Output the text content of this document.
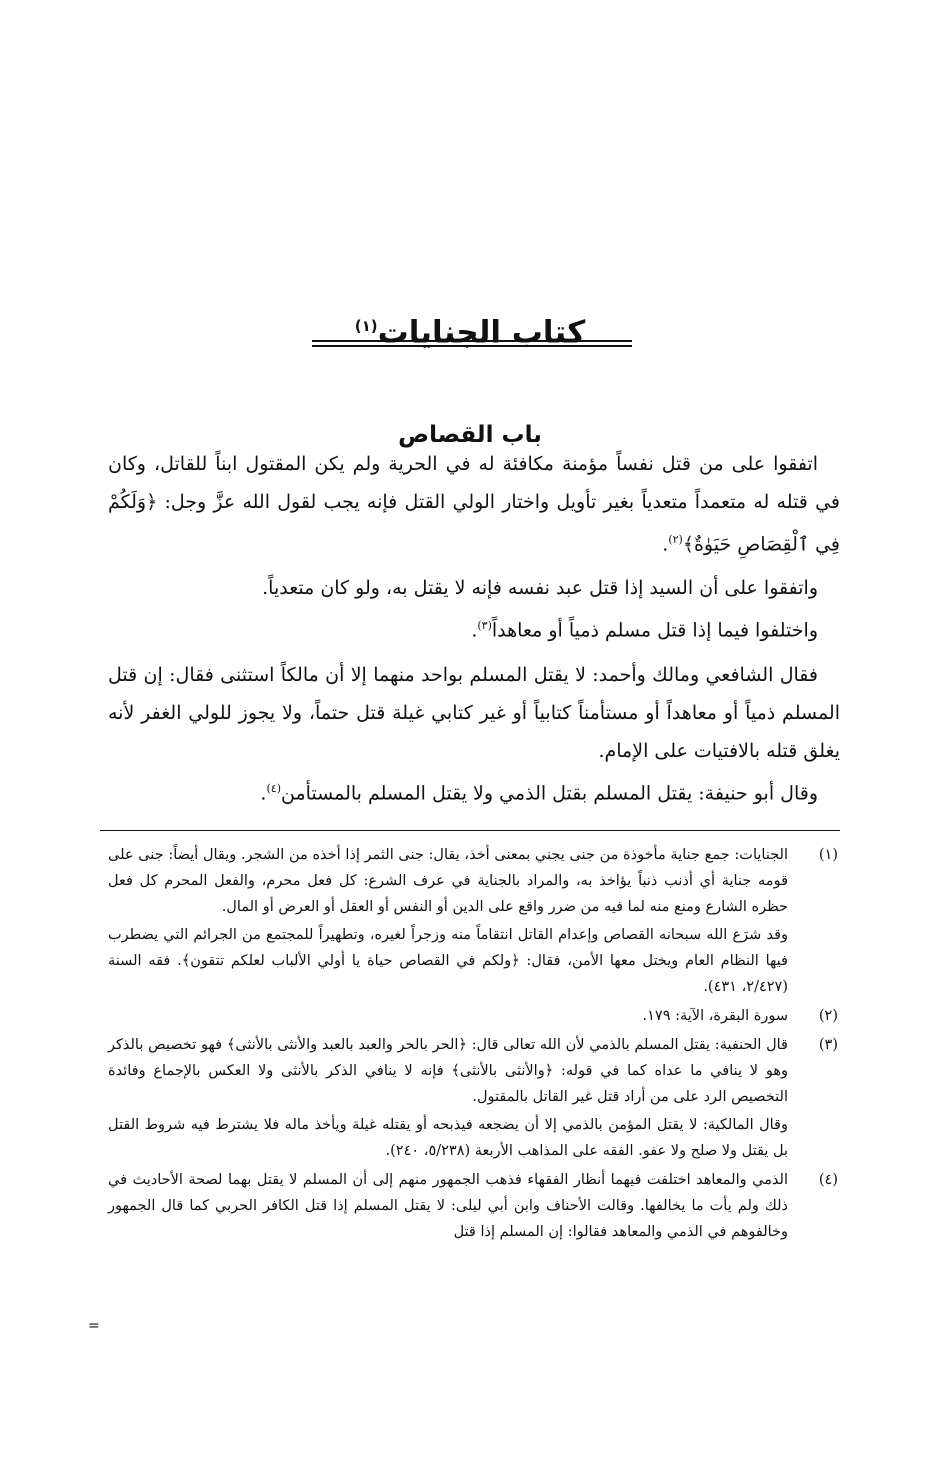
كتاب الجنايات$^{(١)}$
باب القصاص

اتفقوا على من قتل نفساً مؤمنة مكافئة له في الحرية ولم يكن المقتول ابناً للقاتل، وكان في قتله له متعمداً متعدياً بغير تأويل واختار الولي القتل فإنه يجب لقول الله عزَّ وجل: ﴿وَلَكُمْ فِي ٱلْقِصَاصِ حَيَوٰةٌ﴾$^{(٢)}$.

واتفقوا على أن السيد إذا قتل عبد نفسه فإنه لا يقتل به، ولو كان متعدياً.

واختلفوا فيما إذا قتل مسلم ذمياً أو معاهداً$^{(٣)}$.

فقال الشافعي ومالك وأحمد: لا يقتل المسلم بواحد منهما إلا أن مالكاً استثنى فقال: إن قتل المسلم ذمياً أو معاهداً أو مستأمناً كتابياً أو غير كتابي غيلة قتل حتماً، ولا يجوز للولي الغفر لأنه يغلق قتله بالافتيات على الإمام.

وقال أبو حنيفة: يقتل المسلم بقتل الذمي ولا يقتل المسلم بالمستأمن$^{(٤)}$.

(١)

الجنايات: جمع جناية مأخوذة من جنى يجني بمعنى أخذ، يقال: جنى الثمر إذا أخذه من الشجر. ويقال أيضاً: جنى على قومه جناية أي أذنب ذنباً يؤاخذ به، والمراد بالجناية في عرف الشرع: كل فعل محرم، والفعل المحرم كل فعل حظره الشارع ومنع منه لما فيه من ضرر واقع على الدين أو النفس أو العقل أو العرض أو المال.

وقد شرَع الله سبحانه القصاص وإعدام القاتل انتقاماً منه وزجراً لغيره، وتطهيراً للمجتمع من الجرائم التي يضطرب فيها النظام العام ويختل معها الأمن، فقال: ﴿ولكم في القصاص حياة يا أولي الألباب لعلكم تتقون﴾. فقه السنة (٢/٤٢٧، ٤٣١).

(٢)

سورة البقرة، الآية: ١٧٩.

(٣)

قال الحنفية: يقتل المسلم بالذمي لأن الله تعالى قال: ﴿الحر بالحر والعبد بالعبد والأنثى بالأنثى﴾ فهو تخصيص بالذكر وهو لا ينافي ما عداه كما في قوله: ﴿والأنثى بالأنثى﴾ فإنه لا ينافي الذكر بالأنثى ولا العكس بالإجماع وفائدة التخصيص الرد على من أراد قتل غير القاتل بالمقتول.

وقال المالكية: لا يقتل المؤمن بالذمي إلا أن يضجعه فيذبحه أو يقتله غيلة ويأخذ ماله فلا يشترط فيه شروط القتل بل يقتل ولا صلح ولا عفو. الفقه على المذاهب الأربعة (٥/٢٣٨، ٢٤٠).

(٤)

الذمي والمعاهد اختلفت فيهما أنظار الفقهاء فذهب الجمهور منهم إلى أن المسلم لا يقتل بهما لصحة الأحاديث في ذلك ولم يأت ما يخالفها. وقالت الأحناف وابن أبي ليلى: لا يقتل المسلم إذا قتل الكافر الحربي كما قال الجمهور وخالفوهم في الذمي والمعاهد فقالوا: إن المسلم إذا قتل

=
